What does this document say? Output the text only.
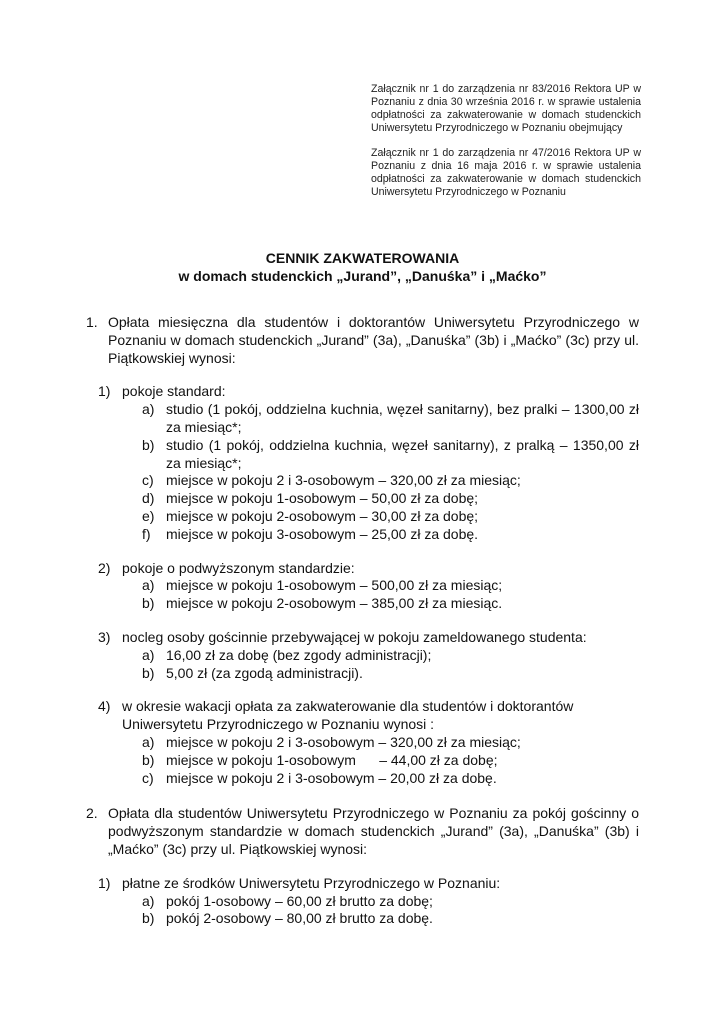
Załącznik nr 1 do zarządzenia nr 83/2016 Rektora UP w Poznaniu z dnia 30 września 2016 r. w sprawie ustalenia odpłatności za zakwaterowanie w domach studenckich Uniwersytetu Przyrodniczego w Poznaniu obejmujący

Załącznik nr 1 do zarządzenia nr 47/2016 Rektora UP w Poznaniu z dnia 16 maja 2016 r. w sprawie ustalenia odpłatności za zakwaterowanie w domach studenckich Uniwersytetu Przyrodniczego w Poznaniu

CENNIK ZAKWATEROWANIA
w domach studenckich „Jurand”, „Danuśka” i „Maćko”
1. Opłata miesięczna dla studentów i doktorantów Uniwersytetu Przyrodniczego w Poznaniu w domach studenckich „Jurand” (3a), „Danuśka” (3b) i „Maćko” (3c) przy ul. Piątkowskiej wynosi:
1) pokoje standard:
a) studio (1 pokój, oddzielna kuchnia, węzeł sanitarny), bez pralki – 1300,00 zł za miesiąc*;
b) studio (1 pokój, oddzielna kuchnia, węzeł sanitarny), z pralką – 1350,00 zł za miesiąc*;
c) miejsce w pokoju 2 i 3-osobowym – 320,00 zł za miesiąc;
d) miejsce w pokoju 1-osobowym – 50,00 zł za dobę;
e) miejsce w pokoju 2-osobowym – 30,00 zł za dobę;
f) miejsce w pokoju 3-osobowym – 25,00 zł za dobę.
2) pokoje o podwyższonym standardzie:
a) miejsce w pokoju 1-osobowym – 500,00 zł za miesiąc;
b) miejsce w pokoju 2-osobowym – 385,00 zł za miesiąc.
3) nocleg osoby gościnnie przebywającej w pokoju zameldowanego studenta:
a) 16,00 zł za dobę (bez zgody administracji);
b) 5,00 zł (za zgodą administracji).
4) w okresie wakacji opłata za zakwaterowanie dla studentów i doktorantów Uniwersytetu Przyrodniczego w Poznaniu wynosi :
a) miejsce w pokoju 2 i 3-osobowym – 320,00 zł za miesiąc;
b) miejsce w pokoju 1-osobowym      – 44,00 zł za dobę;
c) miejsce w pokoju 2 i 3-osobowym – 20,00 zł za dobę.
2. Opłata dla studentów Uniwersytetu Przyrodniczego w Poznaniu za pokój gościnny o podwyższonym standardzie w domach studenckich „Jurand” (3a), „Danuśka” (3b) i „Maćko” (3c) przy ul. Piątkowskiej wynosi:
1) płatne ze środków Uniwersytetu Przyrodniczego w Poznaniu:
a) pokój 1-osobowy – 60,00 zł brutto za dobę;
b) pokój 2-osobowy – 80,00 zł brutto za dobę.
